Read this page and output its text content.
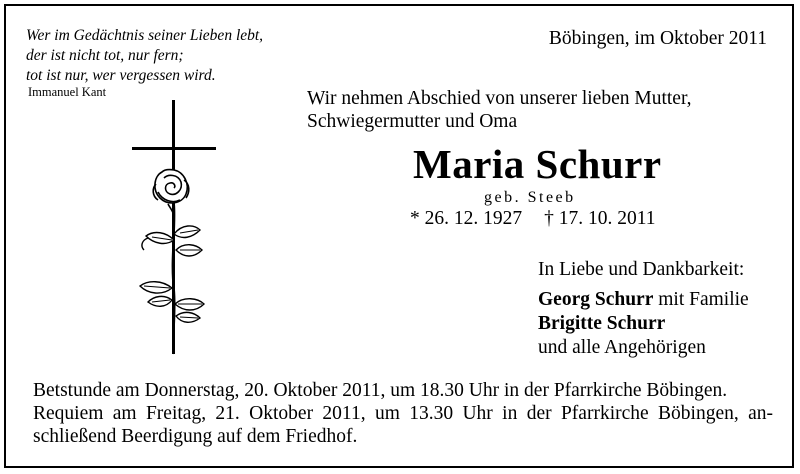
Wer im Gedächtnis seiner Lieben lebt,
der ist nicht tot, nur fern;
tot ist nur, wer vergessen wird.
Immanuel Kant
Böbingen, im Oktober 2011
Wir nehmen Abschied von unserer lieben Mutter,
Schwiegermutter und Oma
Maria Schurr
geb. Steeb
* 26. 12. 1927 † 17. 10. 2011
In Liebe und Dankbarkeit:
Georg Schurr mit Familie
Brigitte Schurr
und alle Angehörigen
Betstunde am Donnerstag, 20. Oktober 2011, um 18.30 Uhr in der Pfarrkirche Böbingen.
Requiem am Freitag, 21. Oktober 2011, um 13.30 Uhr in der Pfarrkirche Böbingen, an-
schließend Beerdigung auf dem Friedhof.
